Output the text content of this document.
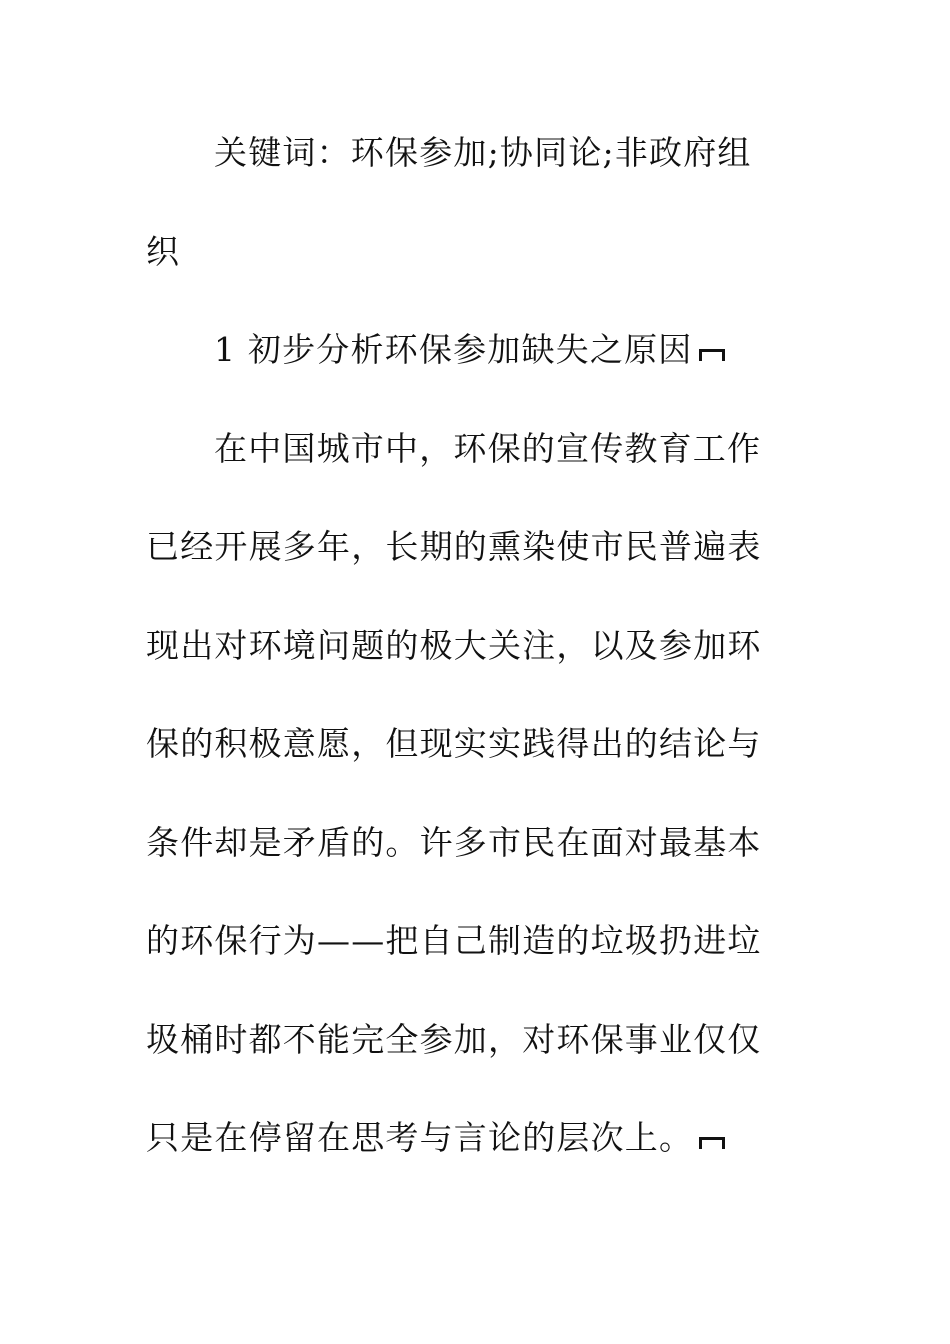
关键词：环保参加;协同论;非政府组
织
1 初步分析环保参加缺失之原因
在中国城市中，环保的宣传教育工作
已经开展多年，长期的熏染使市民普遍表
现出对环境问题的极大关注，以及参加环
保的积极意愿，但现实实践得出的结论与
条件却是矛盾的。许多市民在面对最基本
的环保行为——把自己制造的垃圾扔进垃
圾桶时都不能完全参加，对环保事业仅仅
只是在停留在思考与言论的层次上。
